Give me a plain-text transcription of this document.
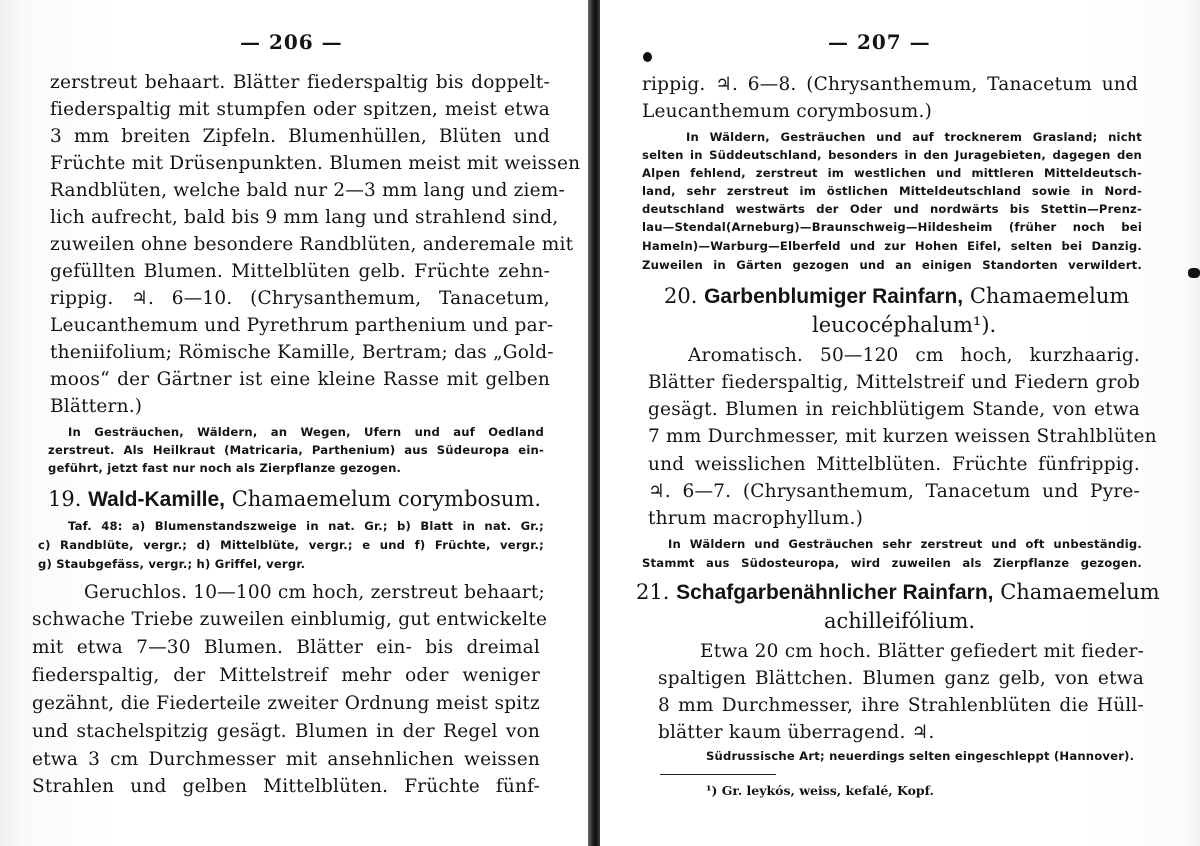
— 206 —
zerstreut behaart. Blätter fiederspaltig bis doppelt-
fiederspaltig mit stumpfen oder spitzen, meist etwa
3 mm breiten Zipfeln. Blumenhüllen, Blüten und
Früchte mit Drüsenpunkten. Blumen meist mit weissen
Randblüten, welche bald nur 2—3 mm lang und ziem-
lich aufrecht, bald bis 9 mm lang und strahlend sind,
zuweilen ohne besondere Randblüten, anderemale mit
gefüllten Blumen. Mittelblüten gelb. Früchte zehn-
rippig. ♃. 6—10. (Chrysanthemum, Tanacetum,
Leucanthemum und Pyrethrum parthenium und par-
theniifolium; Römische Kamille, Bertram; das „Gold-
moos“ der Gärtner ist eine kleine Rasse mit gelben
Blättern.)
In Gesträuchen, Wäldern, an Wegen, Ufern und auf Oedland
zerstreut. Als Heilkraut (Matricaria, Parthenium) aus Südeuropa ein-
geführt, jetzt fast nur noch als Zierpflanze gezogen.
19. Wald-Kamille, Chamaemelum corymbosum.
Taf. 48: a) Blumenstandszweige in nat. Gr.; b) Blatt in nat. Gr.;
c) Randblüte, vergr.; d) Mittelblüte, vergr.; e und f) Früchte, vergr.;
g) Staubgefäss, vergr.; h) Griffel, vergr.
Geruchlos. 10—100 cm hoch, zerstreut behaart;
schwache Triebe zuweilen einblumig, gut entwickelte
mit etwa 7—30 Blumen. Blätter ein- bis dreimal
fiederspaltig, der Mittelstreif mehr oder weniger
gezähnt, die Fiederteile zweiter Ordnung meist spitz
und stachelspitzig gesägt. Blumen in der Regel von
etwa 3 cm Durchmesser mit ansehnlichen weissen
Strahlen und gelben Mittelblüten. Früchte fünf-
— 207 —
rippig. ♃. 6—8. (Chrysanthemum, Tanacetum und
Leucanthemum corymbosum.)
In Wäldern, Gesträuchen und auf trocknerem Grasland; nicht
selten in Süddeutschland, besonders in den Juragebieten, dagegen den
Alpen fehlend, zerstreut im westlichen und mittleren Mitteldeutsch-
land, sehr zerstreut im östlichen Mitteldeutschland sowie in Nord-
deutschland westwärts der Oder und nordwärts bis Stettin—Prenz-
lau—Stendal(Arneburg)—Braunschweig—Hildesheim (früher noch bei
Hameln)—Warburg—Elberfeld und zur Hohen Eifel, selten bei Danzig.
Zuweilen in Gärten gezogen und an einigen Standorten verwildert.
20. Garbenblumiger Rainfarn, Chamaemelum
leucocéphalum¹).
Aromatisch. 50—120 cm hoch, kurzhaarig.
Blätter fiederspaltig, Mittelstreif und Fiedern grob
gesägt. Blumen in reichblütigem Stande, von etwa
7 mm Durchmesser, mit kurzen weissen Strahlblüten
und weisslichen Mittelblüten. Früchte fünfrippig.
♃. 6—7. (Chrysanthemum, Tanacetum und Pyre-
thrum macrophyllum.)
In Wäldern und Gesträuchen sehr zerstreut und oft unbeständig.
Stammt aus Südosteuropa, wird zuweilen als Zierpflanze gezogen.
21. Schafgarbenähnlicher Rainfarn, Chamaemelum
achilleifólium.
Etwa 20 cm hoch. Blätter gefiedert mit fieder-
spaltigen Blättchen. Blumen ganz gelb, von etwa
8 mm Durchmesser, ihre Strahlenblüten die Hüll-
blätter kaum überragend. ♃.
Südrussische Art; neuerdings selten eingeschleppt (Hannover).
¹) Gr. leykós, weiss, kefalé, Kopf.
